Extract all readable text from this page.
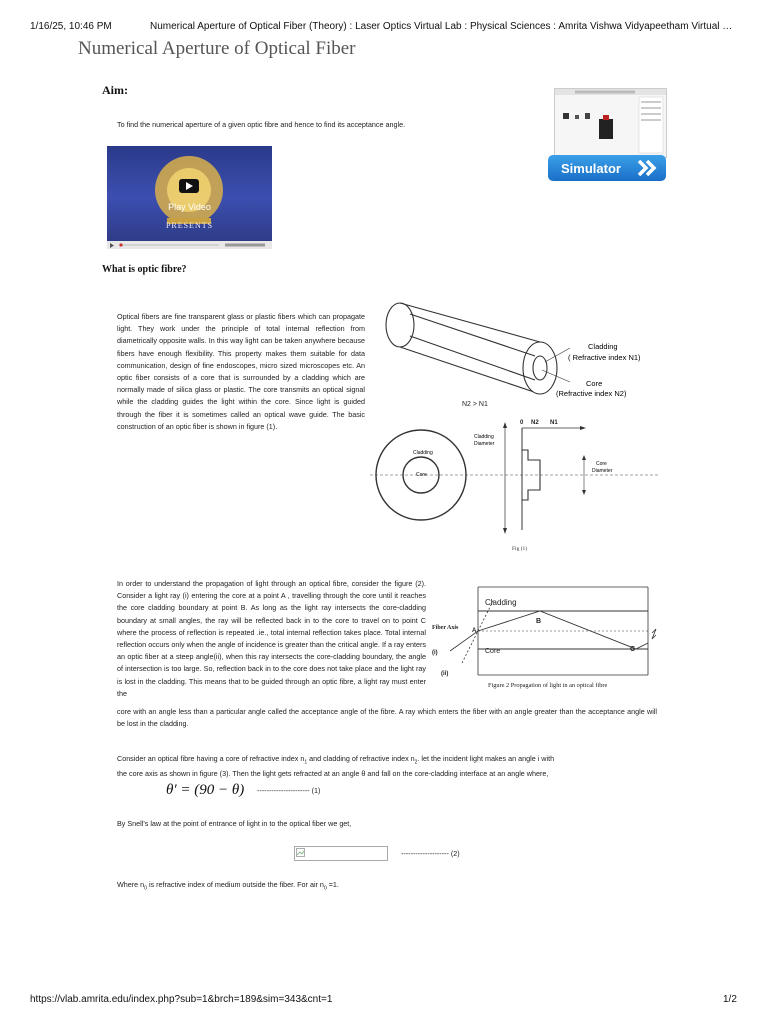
1/16/25, 10:46 PM	Numerical Aperture of Optical Fiber (Theory) : Laser Optics Virtual Lab : Physical Sciences : Amrita Vishwa Vidyapeetham Virtual …
Numerical Aperture of Optical Fiber
Aim:
To find the numerical aperture of a given optic fibre and hence to find its acceptance angle.
Play Video
PRESENTS
Simulator
What is optic fibre?
Optical fibers are fine transparent glass or plastic fibers which can propagate light. They work under the principle of total internal reflection from diametrically opposite walls. In this way light can be taken anywhere because fibers have enough flexibility. This property makes them suitable for data communication, design of fine endoscopes, micro sized microscopes etc. An optic fiber consists of a core that is surrounded by a cladding which are normally made of silica glass or plastic. The core transmits an optical signal while the cladding guides the light within the core. Since light is guided through the fiber it is sometimes called an optical wave guide. The basic construction of an optic fiber is shown in figure (1).
Cladding
( Refractive index N1)
Core
(Refractive index N2)
N2 > N1
Cladding
Core
Cladding
Diameter
0 N2 N1
Core
Diameter
Fig (1)
In order to understand the propagation of light through an optical fibre, consider the figure (2). Consider a light ray (i) entering the core at a point A , travelling through the core until it reaches the core cladding boundary at point B. As long as the light ray intersects the core-cladding boundary at small angles, the ray will be reflected back in to the core to travel on to point C where the process of reflection is repeated .ie., total internal reflection takes place. Total internal reflection occurs only when the angle of incidence is greater than the critical angle. If a ray enters an optic fiber at a steep angle(ii), when this ray intersects the core-cladding boundary, the angle of intersection is too large. So, reflection back in to the core does not take place and the light ray is lost in the cladding. This means that to be guided through an optic fibre, a light ray must enter the
core with an angle less than a particular angle called the acceptance angle of the fibre. A ray which enters the fiber with an angle greater than the acceptance angle will be lost in the cladding.
Cladding
Fiber Axis
Core
A
B
C
(i)
(ii)
Figure 2 Propagation of light in an optical fibre
Consider an optical fibre having a core of refractive index $n_1$ and cladding of refractive index $n_2$. let the incident light makes an angle i with
the core axis as shown in figure (3). Then the light gets refracted at an angle θ and fall on the core-cladding interface at an angle where,
θ′ = (90 − θ) ---------------------- (1)
By Snell's law at the point of entrance of light in to the optical fiber we get,
-------------------- (2)
Where $n_0$ is refractive index of medium outside the fiber. For air $n_0 =1$.
https://vlab.amrita.edu/index.php?sub=1&brch=189&sim=343&cnt=1	1/2
